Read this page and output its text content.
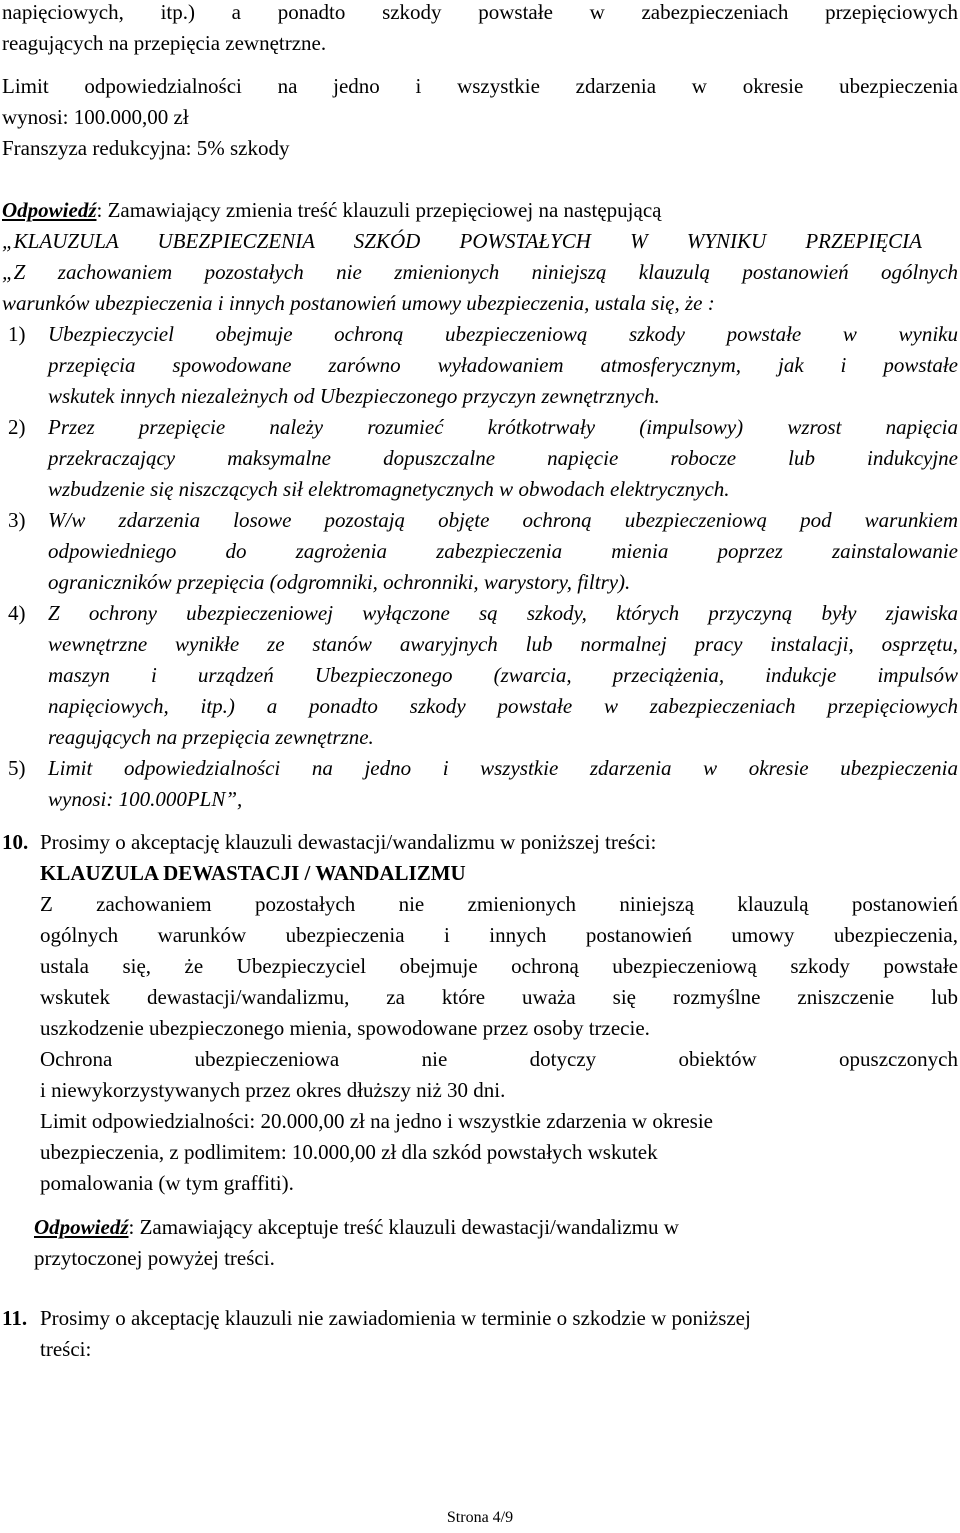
napięciowych, itp.) a ponadto szkody powstałe w zabezpieczeniach przepięciowych
reagujących na przepięcia zewnętrzne.
Limit odpowiedzialności na jedno i wszystkie zdarzenia w okresie ubezpieczenia
wynosi: 100.000,00 zł
Franszyza redukcyjna: 5% szkody
Odpowiedź: Zamawiający zmienia treść klauzuli przepięciowej na następującą
„KLAUZULA UBEZPIECZENIA SZKÓD POWSTAŁYCH W WYNIKU PRZEPIĘCIA
„Z zachowaniem pozostałych nie zmienionych niniejszą klauzulą postanowień ogólnych
warunków ubezpieczenia i innych postanowień umowy ubezpieczenia, ustala się, że :
1) Ubezpieczyciel obejmuje ochroną ubezpieczeniową szkody powstałe w wyniku
przepięcia spowodowane zarówno wyładowaniem atmosferycznym, jak i powstałe
wskutek innych niezależnych od Ubezpieczonego przyczyn zewnętrznych.
2) Przez przepięcie należy rozumieć krótkotrwały (impulsowy) wzrost napięcia
przekraczający maksymalne dopuszczalne napięcie robocze lub indukcyjne
wzbudzenie się niszczących sił elektromagnetycznych w obwodach elektrycznych.
3) W/w zdarzenia losowe pozostają objęte ochroną ubezpieczeniową pod warunkiem
odpowiedniego do zagrożenia zabezpieczenia mienia poprzez zainstalowanie
ograniczników przepięcia (odgromniki, ochronniki, warystory, filtry).
4) Z ochrony ubezpieczeniowej wyłączone są szkody, których przyczyną były zjawiska
wewnętrzne wynikłe ze stanów awaryjnych lub normalnej pracy instalacji, osprzętu,
maszyn i urządzeń Ubezpieczonego (zwarcia, przeciążenia, indukcje impulsów
napięciowych, itp.) a ponadto szkody powstałe w zabezpieczeniach przepięciowych
reagujących na przepięcia zewnętrzne.
5) Limit odpowiedzialności na jedno i wszystkie zdarzenia w okresie ubezpieczenia
wynosi: 100.000PLN”,
10. Prosimy o akceptację klauzuli dewastacji/wandalizmu w poniższej treści:
KLAUZULA DEWASTACJI / WANDALIZMU
Z zachowaniem pozostałych nie zmienionych niniejszą klauzulą postanowień
ogólnych warunków ubezpieczenia i innych postanowień umowy ubezpieczenia,
ustala się, że Ubezpieczyciel obejmuje ochroną ubezpieczeniową szkody powstałe
wskutek dewastacji/wandalizmu, za które uważa się rozmyślne zniszczenie lub
uszkodzenie ubezpieczonego mienia, spowodowane przez osoby trzecie.
Ochrona ubezpieczeniowa nie dotyczy obiektów opuszczonych
i niewykorzystywanych przez okres dłuższy niż 30 dni.
Limit odpowiedzialności: 20.000,00 zł na jedno i wszystkie zdarzenia w okresie
ubezpieczenia, z podlimitem: 10.000,00 zł dla szkód powstałych wskutek
pomalowania (w tym graffiti).
Odpowiedź: Zamawiający akceptuje treść klauzuli dewastacji/wandalizmu w
przytoczonej powyżej treści.
11. Prosimy o akceptację klauzuli nie zawiadomienia w terminie o szkodzie w poniższej
treści:
Strona 4/9
